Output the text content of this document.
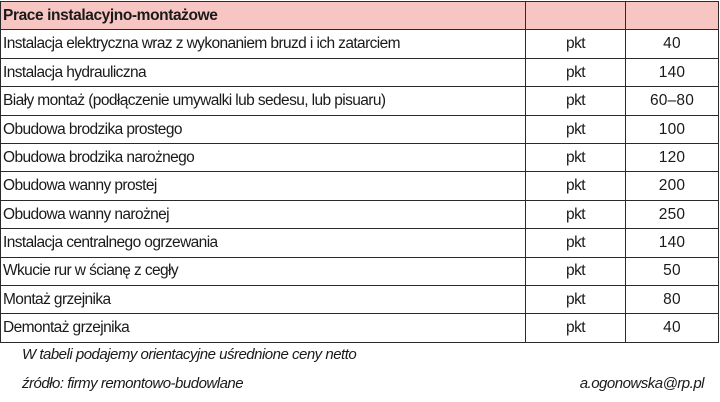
Prace instalacyjno-montażowe		
Instalacja elektryczna wraz z wykonaniem bruzd i ich zatarciem	pkt	40
Instalacja hydrauliczna	pkt	140
Biały montaż (podłączenie umywalki lub sedesu, lub pisuaru)	pkt	60–80
Obudowa brodzika prostego	pkt	100
Obudowa brodzika narożnego	pkt	120
Obudowa wanny prostej	pkt	200
Obudowa wanny narożnej	pkt	250
Instalacja centralnego ogrzewania	pkt	140
Wkucie rur w ścianę z cegły	pkt	50
Montaż grzejnika	pkt	80
Demontaż grzejnika	pkt	40
W tabeli podajemy orientacyjne uśrednione ceny netto
źródło: firmy remontowo-budowlane	a.ogonowska@rp.pl
